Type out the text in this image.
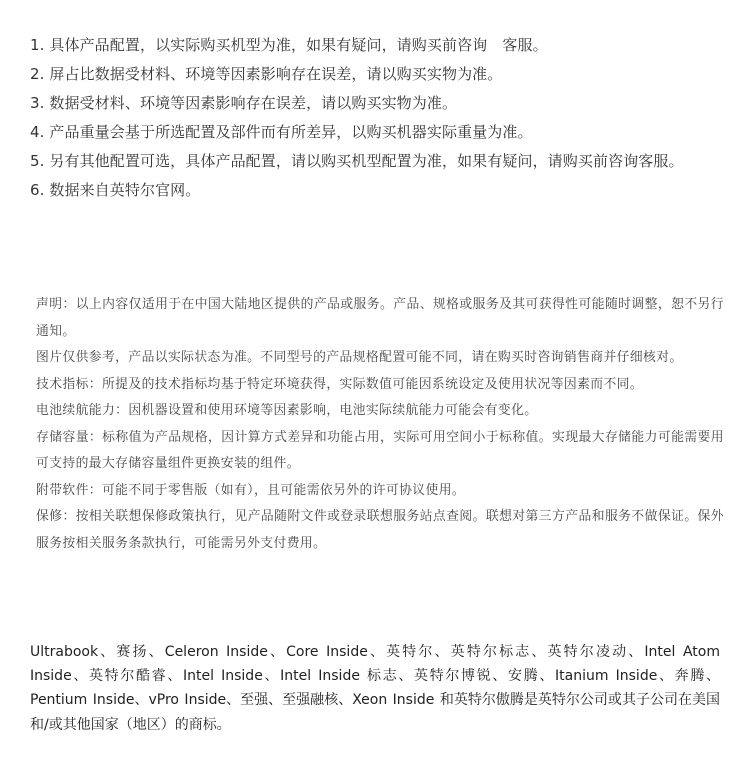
1. 具体产品配置，以实际购买机型为准，如果有疑问，请购买前咨询　客服。
2. 屏占比数据受材料、环境等因素影响存在误差，请以购买实物为准。
3. 数据受材料、环境等因素影响存在误差，请以购买实物为准。
4. 产品重量会基于所选配置及部件而有所差异，以购买机器实际重量为准。
5. 另有其他配置可选，具体产品配置，请以购买机型配置为准，如果有疑问，请购买前咨询客服。
6. 数据来自英特尔官网。

声明：以上内容仅适用于在中国大陆地区提供的产品或服务。产品、规格或服务及其可获得性可能随时调整，恕不另行通知。

图片仅供参考，产品以实际状态为准。不同型号的产品规格配置可能不同，请在购买时咨询销售商并仔细核对。

技术指标：所提及的技术指标均基于特定环境获得，实际数值可能因系统设定及使用状况等因素而不同。

电池续航能力：因机器设置和使用环境等因素影响，电池实际续航能力可能会有变化。

存储容量：标称值为产品规格，因计算方式差异和功能占用，实际可用空间小于标称值。实现最大存储能力可能需要用可支持的最大存储容量组件更换安装的组件。

附带软件：可能不同于零售版（如有），且可能需依另外的许可协议使用。

保修：按相关联想保修政策执行，见产品随附文件或登录联想服务站点查阅。联想对第三方产品和服务不做保证。保外服务按相关服务条款执行，可能需另外支付费用。

Ultrabook、赛扬、Celeron Inside、Core Inside、英特尔、英特尔标志、英特尔凌动、Intel Atom Inside、英特尔酷睿、Intel Inside、Intel Inside 标志、英特尔博锐、安腾、Itanium Inside、奔腾、Pentium Inside、vPro Inside、至强、至强融核、Xeon Inside 和英特尔傲腾是英特尔公司或其子公司在美国和/或其他国家（地区）的商标。
